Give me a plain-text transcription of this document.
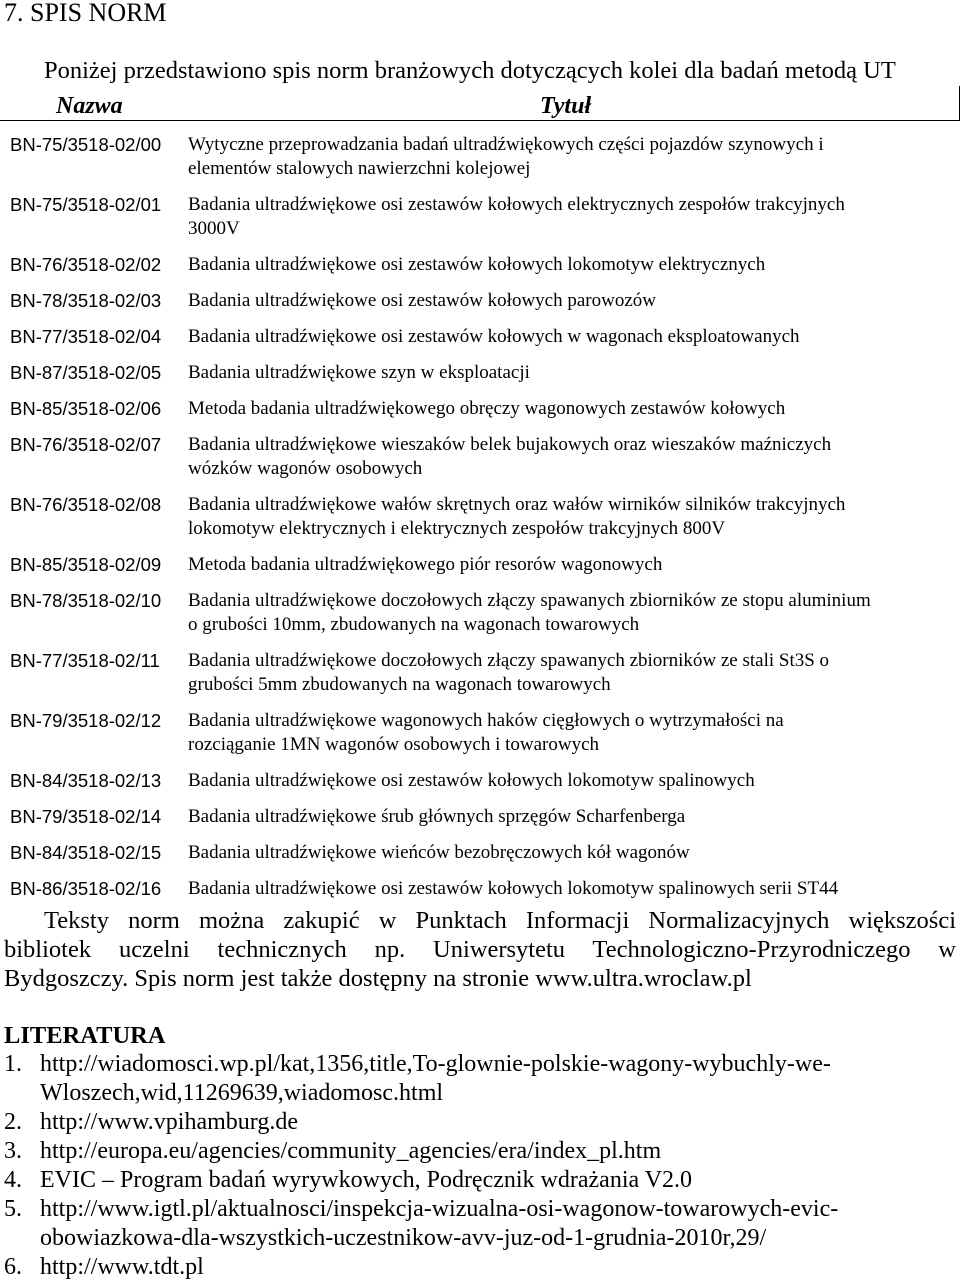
7. SPIS NORM
Poniżej przedstawiono spis norm branżowych dotyczących kolei dla badań metodą UT
Nazwa	Tytuł
BN-75/3518-02/00 Wytyczne przeprowadzania badań ultradźwiękowych części pojazdów szynowych i
elementów stalowych nawierzchni kolejowej
BN-75/3518-02/01 Badania ultradźwiękowe osi zestawów kołowych elektrycznych zespołów trakcyjnych
3000V
BN-76/3518-02/02 Badania ultradźwiękowe osi zestawów kołowych lokomotyw elektrycznych
BN-78/3518-02/03 Badania ultradźwiękowe osi zestawów kołowych parowozów
BN-77/3518-02/04 Badania ultradźwiękowe osi zestawów kołowych w wagonach eksploatowanych
BN-87/3518-02/05 Badania ultradźwiękowe szyn w eksploatacji
BN-85/3518-02/06 Metoda badania ultradźwiękowego obręczy wagonowych zestawów kołowych
BN-76/3518-02/07 Badania ultradźwiękowe wieszaków belek bujakowych oraz wieszaków maźniczych
wózków wagonów osobowych
BN-76/3518-02/08 Badania ultradźwiękowe wałów skrętnych oraz wałów wirników silników trakcyjnych
lokomotyw elektrycznych i elektrycznych zespołów trakcyjnych 800V
BN-85/3518-02/09 Metoda badania ultradźwiękowego piór resorów wagonowych
BN-78/3518-02/10 Badania ultradźwiękowe doczołowych złączy spawanych zbiorników ze stopu aluminium
o grubości 10mm, zbudowanych na wagonach towarowych
BN-77/3518-02/11 Badania ultradźwiękowe doczołowych złączy spawanych zbiorników ze stali St3S o
grubości 5mm zbudowanych na wagonach towarowych
BN-79/3518-02/12 Badania ultradźwiękowe wagonowych haków cięgłowych o wytrzymałości na
rozciąganie 1MN wagonów osobowych i towarowych
BN-84/3518-02/13 Badania ultradźwiękowe osi zestawów kołowych lokomotyw spalinowych
BN-79/3518-02/14 Badania ultradźwiękowe śrub głównych sprzęgów Scharfenberga
BN-84/3518-02/15 Badania ultradźwiękowe wieńców bezobręczowych kół wagonów
BN-86/3518-02/16 Badania ultradźwiękowe osi zestawów kołowych lokomotyw spalinowych serii ST44
Teksty norm można zakupić w Punktach Informacji Normalizacyjnych większości
bibliotek uczelni technicznych np. Uniwersytetu Technologiczno-Przyrodniczego w
Bydgoszczy. Spis norm jest także dostępny na stronie www.ultra.wroclaw.pl
LITERATURA
1. http://wiadomosci.wp.pl/kat,1356,title,To-glownie-polskie-wagony-wybuchly-we-
Wloszech,wid,11269639,wiadomosc.html
2. http://www.vpihamburg.de
3. http://europa.eu/agencies/community_agencies/era/index_pl.htm
4. EVIC – Program badań wyrywkowych, Podręcznik wdrażania V2.0
5. http://www.igtl.pl/aktualnosci/inspekcja-wizualna-osi-wagonow-towarowych-evic-
obowiazkowa-dla-wszystkich-uczestnikow-avv-juz-od-1-grudnia-2010r,29/
6. http://www.tdt.pl
